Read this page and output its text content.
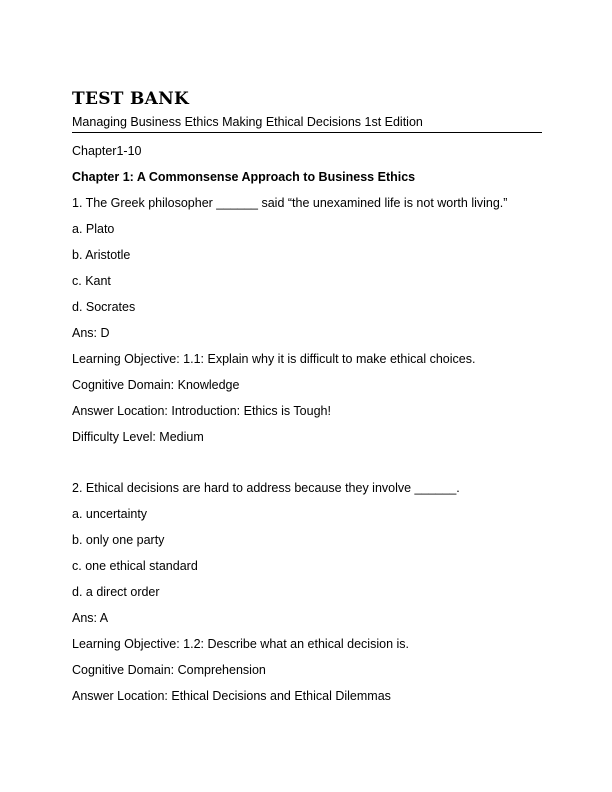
TEST BANK
Managing Business Ethics Making Ethical Decisions 1st Edition
Chapter1-10
Chapter 1: A Commonsense Approach to Business Ethics
1. The Greek philosopher ______ said “the unexamined life is not worth living.”
a. Plato
b. Aristotle
c. Kant
d. Socrates
Ans: D
Learning Objective: 1.1: Explain why it is difficult to make ethical choices.
Cognitive Domain: Knowledge
Answer Location: Introduction: Ethics is Tough!
Difficulty Level: Medium
2. Ethical decisions are hard to address because they involve ______.
a. uncertainty
b. only one party
c. one ethical standard
d. a direct order
Ans: A
Learning Objective: 1.2: Describe what an ethical decision is.
Cognitive Domain: Comprehension
Answer Location: Ethical Decisions and Ethical Dilemmas
